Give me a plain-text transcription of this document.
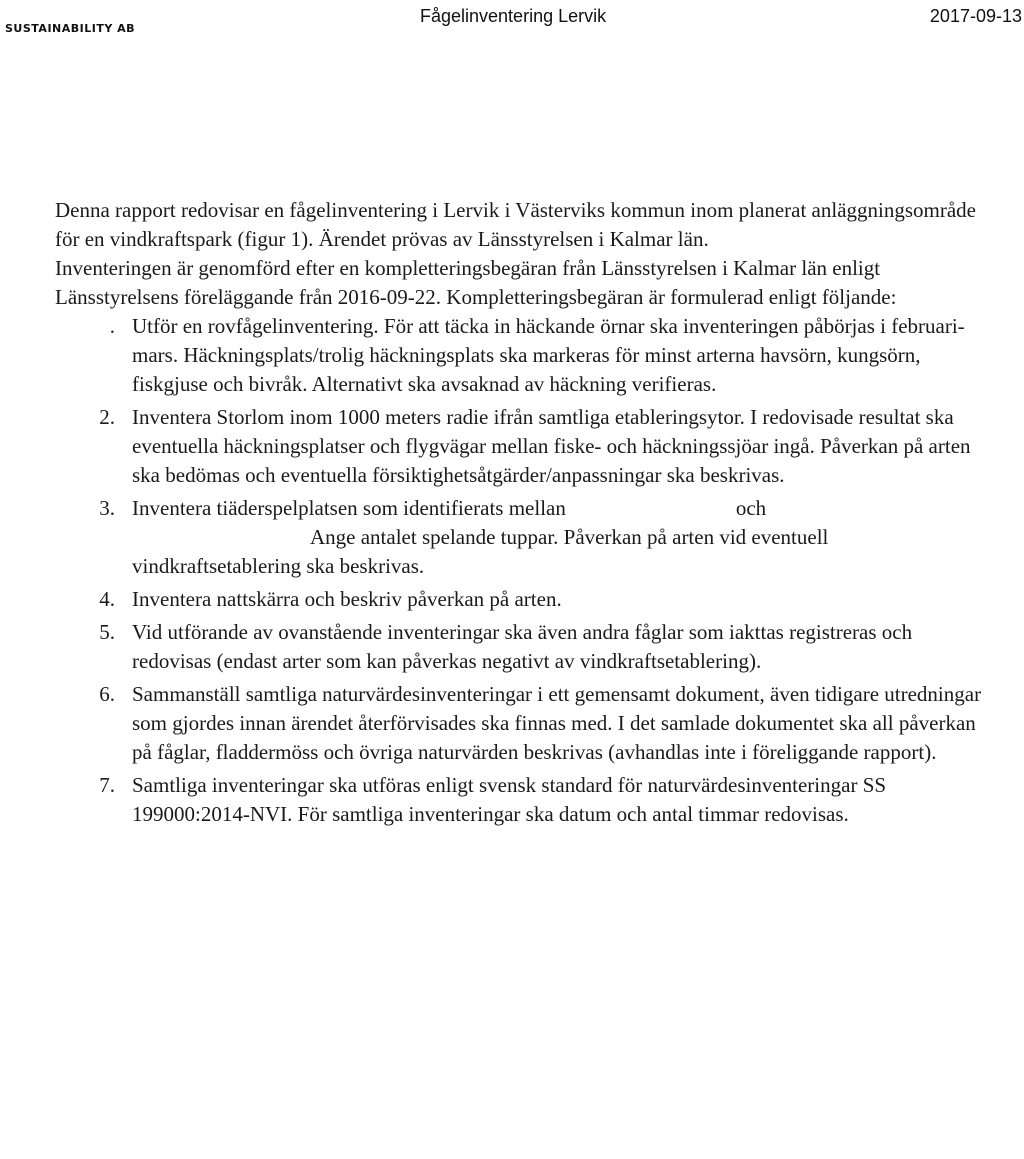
SUSTAINABILITY AB
Fågelinventering Lervik	2017-09-13

Denna rapport redovisar en fågelinventering i Lervik i Västerviks kommun inom planerat anläggningsområde för en vindkraftspark (figur 1). Ärendet prövas av Länsstyrelsen i Kalmar län.

Inventeringen är genomförd efter en kompletteringsbegäran från Länsstyrelsen i Kalmar län enligt Länsstyrelsens föreläggande från 2016-09-22. Kompletteringsbegäran är formulerad enligt följande:

. Utför en rovfågelinventering. För att täcka in häckande örnar ska inventeringen påbörjas i februari-mars. Häckningsplats/trolig häckningsplats ska markeras för minst arterna havsörn, kungsörn, fiskgjuse och bivråk. Alternativt ska avsaknad av häckning verifieras.
2. Inventera Storlom inom 1000 meters radie ifrån samtliga etableringsytor. I redovisade resultat ska eventuella häckningsplatser och flygvägar mellan fiske- och häckningssjöar ingå. Påverkan på arten ska bedömas och eventuella försiktighetsåtgärder/anpassningar ska beskrivas.
3. Inventera tiäderspelplatsen som identifierats mellan	och
Ange antalet spelande tuppar. Påverkan på arten vid eventuell vindkraftsetablering ska beskrivas.
4. Inventera nattskärra och beskriv påverkan på arten.
5. Vid utförande av ovanstående inventeringar ska även andra fåglar som iakttas registreras och redovisas (endast arter som kan påverkas negativt av vindkraftsetablering).
6. Sammanställ samtliga naturvärdesinventeringar i ett gemensamt dokument, även tidigare utredningar som gjordes innan ärendet återförvisades ska finnas med. I det samlade dokumentet ska all påverkan på fåglar, fladdermöss och övriga naturvärden beskrivas (avhandlas inte i föreliggande rapport).
7. Samtliga inventeringar ska utföras enligt svensk standard för naturvärdesinventeringar SS 199000:2014-NVI. För samtliga inventeringar ska datum och antal timmar redovisas.
